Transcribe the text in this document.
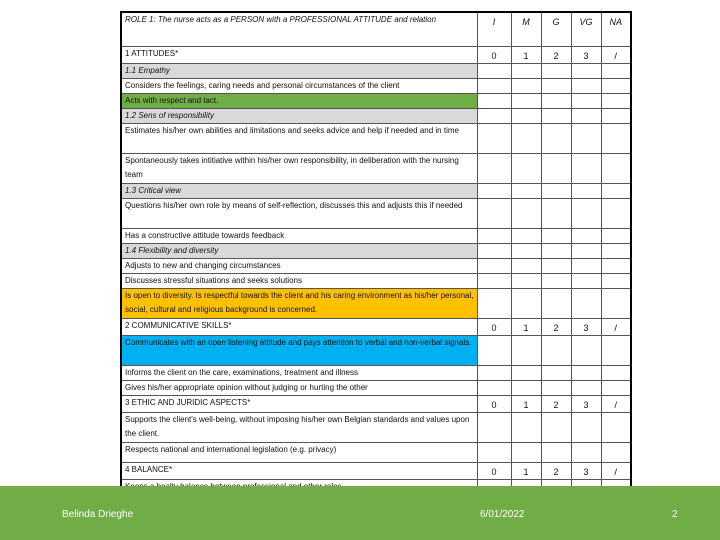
ROLE 1: The nurse acts as a PERSON with a PROFESSIONAL ATTITUDE and relation	I	M	G	VG	NA
1 ATTITUDES*	0	1	2	3	/
1.1 Empathy					
Considers the feelings, caring needs and personal circumstances of the client					
Acts with respect and tact.					
1.2 Sens of responsibility					
Estimates his/her own abilities and limitations and seeks advice and help if needed and in time					
Spontaneously takes intitiative within his/her own responsibility, in deliberation with the nursing team					
1.3 Critical view					
Questions his/her own role by means of self-reflection, discusses this and adjusts this if needed					
Has a constructive attitude towards feedback					
1.4 Flexibility and diversity					
Adjusts to new and changing circumstances					
Discusses stressful situations and seeks solutions					
Is open to diversity. Is respectful towards the client and his caring environment as his/her personal, social, cultural and religious background is concerned.					
2 COMMUNICATIVE SKILLS*	0	1	2	3	/
Communicates with an open listening attitude and pays attention to verbal and non-verbal signals.					
Informs the client on the care, examinations, treatment and illness					
Gives his/her appropriate opinion without judging or hurting the other					
3 ETHIC AND JURIDIC ASPECTS*	0	1	2	3	/
Supports the client's well-being, without imposing his/her own Belgian standards and values upon the client.					
Respects national and international legislation (e.g. privacy)					
4 BALANCE*	0	1	2	3	/

Belinda Drieghe	6/01/2022	2
